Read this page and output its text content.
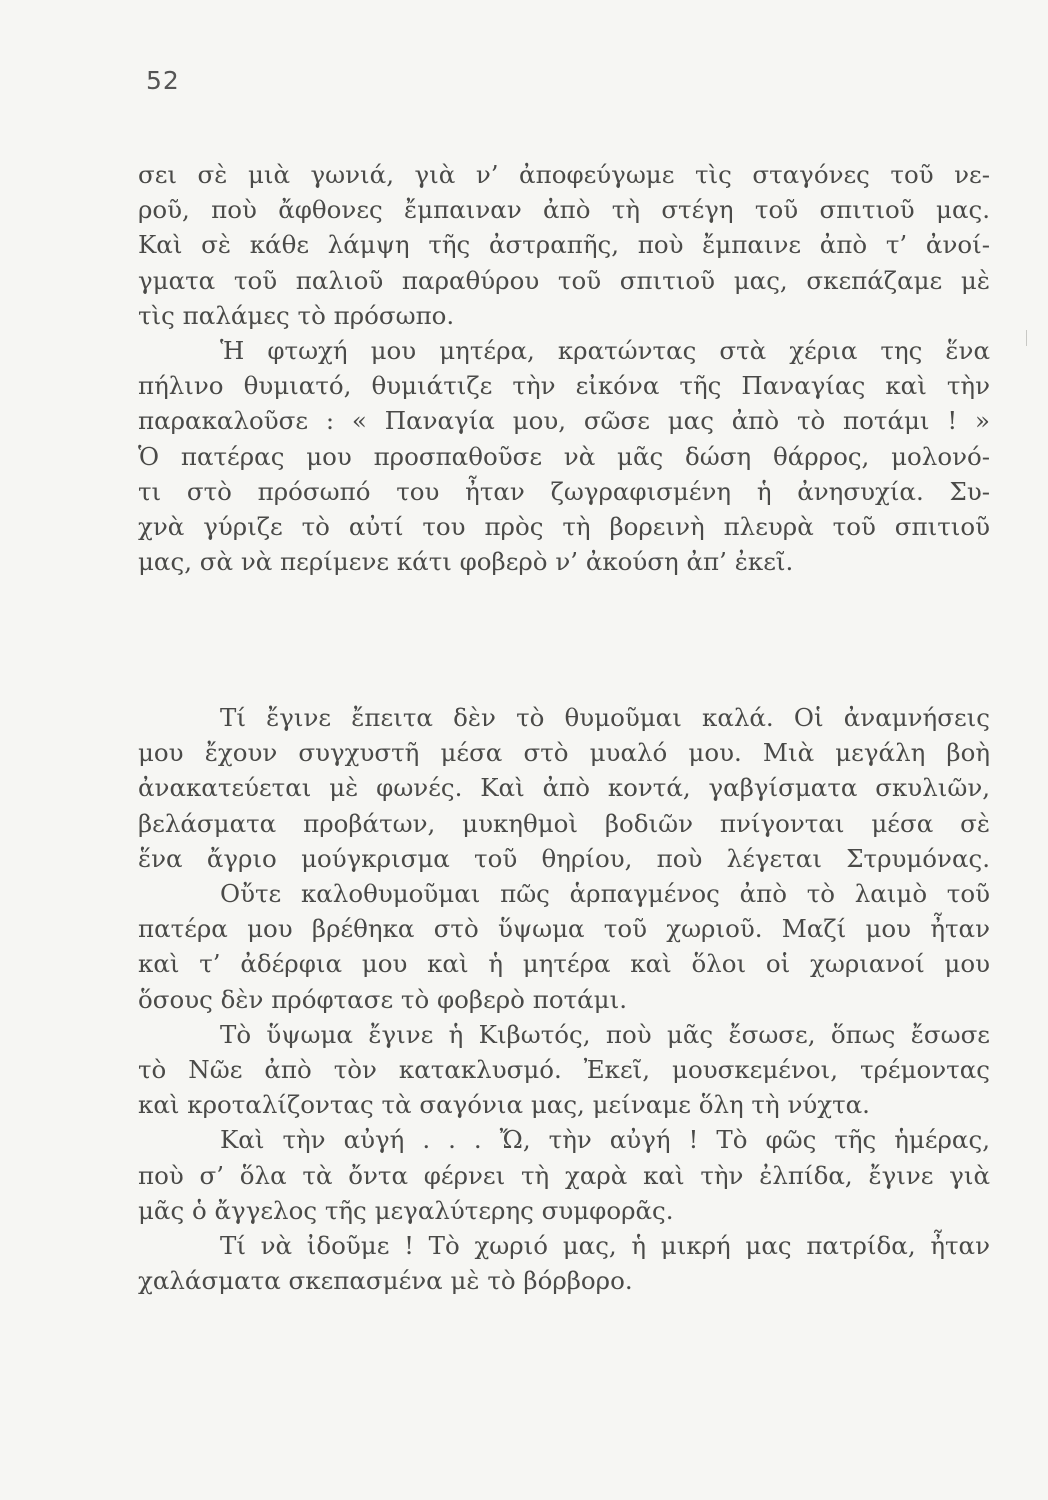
52
σει σὲ μιὰ γωνιά, γιὰ ν’ ἀποφεύγωμε τὶς σταγόνες τοῦ νε-
ροῦ, ποὺ ἄφθονες ἔμπαιναν ἀπὸ τὴ στέγη τοῦ σπιτιοῦ μας.
Καὶ σὲ κάθε λάμψη τῆς ἀστραπῆς, ποὺ ἔμπαινε ἀπὸ τ’ ἀνοί-
γματα τοῦ παλιοῦ παραθύρου τοῦ σπιτιοῦ μας, σκεπάζαμε μὲ
τὶς παλάμες τὸ πρόσωπο.
Ἡ φτωχή μου μητέρα, κρατώντας στὰ χέρια της ἕνα
πήλινο θυμιατό, θυμιάτιζε τὴν εἰκόνα τῆς Παναγίας καὶ τὴν
παρακαλοῦσε : « Παναγία μου, σῶσε μας ἀπὸ τὸ ποτάμι ! »
Ὁ πατέρας μου προσπαθοῦσε νὰ μᾶς δώση θάρρος, μολονό-
τι στὸ πρόσωπό του ἦταν ζωγραφισμένη ἡ ἀνησυχία. Συ-
χνὰ γύριζε τὸ αὐτί του πρὸς τὴ βορεινὴ πλευρὰ τοῦ σπιτιοῦ
μας, σὰ νὰ περίμενε κάτι φοβερὸ ν’ ἀκούση ἀπ’ ἐκεῖ.
Τί ἔγινε ἔπειτα δὲν τὸ θυμοῦμαι καλά. Οἱ ἀναμνήσεις
μου ἔχουν συγχυστῆ μέσα στὸ μυαλό μου. Μιὰ μεγάλη βοὴ
ἀνακατεύεται μὲ φωνές. Καὶ ἀπὸ κοντά, γαβγίσματα σκυλιῶν,
βελάσματα προβάτων, μυκηθμοὶ βοδιῶν πνίγονται μέσα σὲ
ἕνα ἄγριο μούγκρισμα τοῦ θηρίου, ποὺ λέγεται Στρυμόνας.
Οὔτε καλοθυμοῦμαι πῶς ἁρπαγμένος ἀπὸ τὸ λαιμὸ τοῦ
πατέρα μου βρέθηκα στὸ ὕψωμα τοῦ χωριοῦ. Μαζί μου ἦταν
καὶ τ’ ἀδέρφια μου καὶ ἡ μητέρα καὶ ὅλοι οἱ χωριανοί μου
ὅσους δὲν πρόφτασε τὸ φοβερὸ ποτάμι.
Τὸ ὕψωμα ἔγινε ἡ Κιβωτός, ποὺ μᾶς ἔσωσε, ὅπως ἔσωσε
τὸ Νῶε ἀπὸ τὸν κατακλυσμό. Ἐκεῖ, μουσκεμένοι, τρέμοντας
καὶ κροταλίζοντας τὰ σαγόνια μας, μείναμε ὅλη τὴ νύχτα.
Καὶ τὴν αὐγή . . . Ὤ, τὴν αὐγή ! Τὸ φῶς τῆς ἡμέρας,
ποὺ σ’ ὅλα τὰ ὄντα φέρνει τὴ χαρὰ καὶ τὴν ἐλπίδα, ἔγινε γιὰ
μᾶς ὁ ἄγγελος τῆς μεγαλύτερης συμφορᾶς.
Τί νὰ ἰδοῦμε ! Τὸ χωριό μας, ἡ μικρή μας πατρίδα, ἦταν
χαλάσματα σκεπασμένα μὲ τὸ βόρβορο.
